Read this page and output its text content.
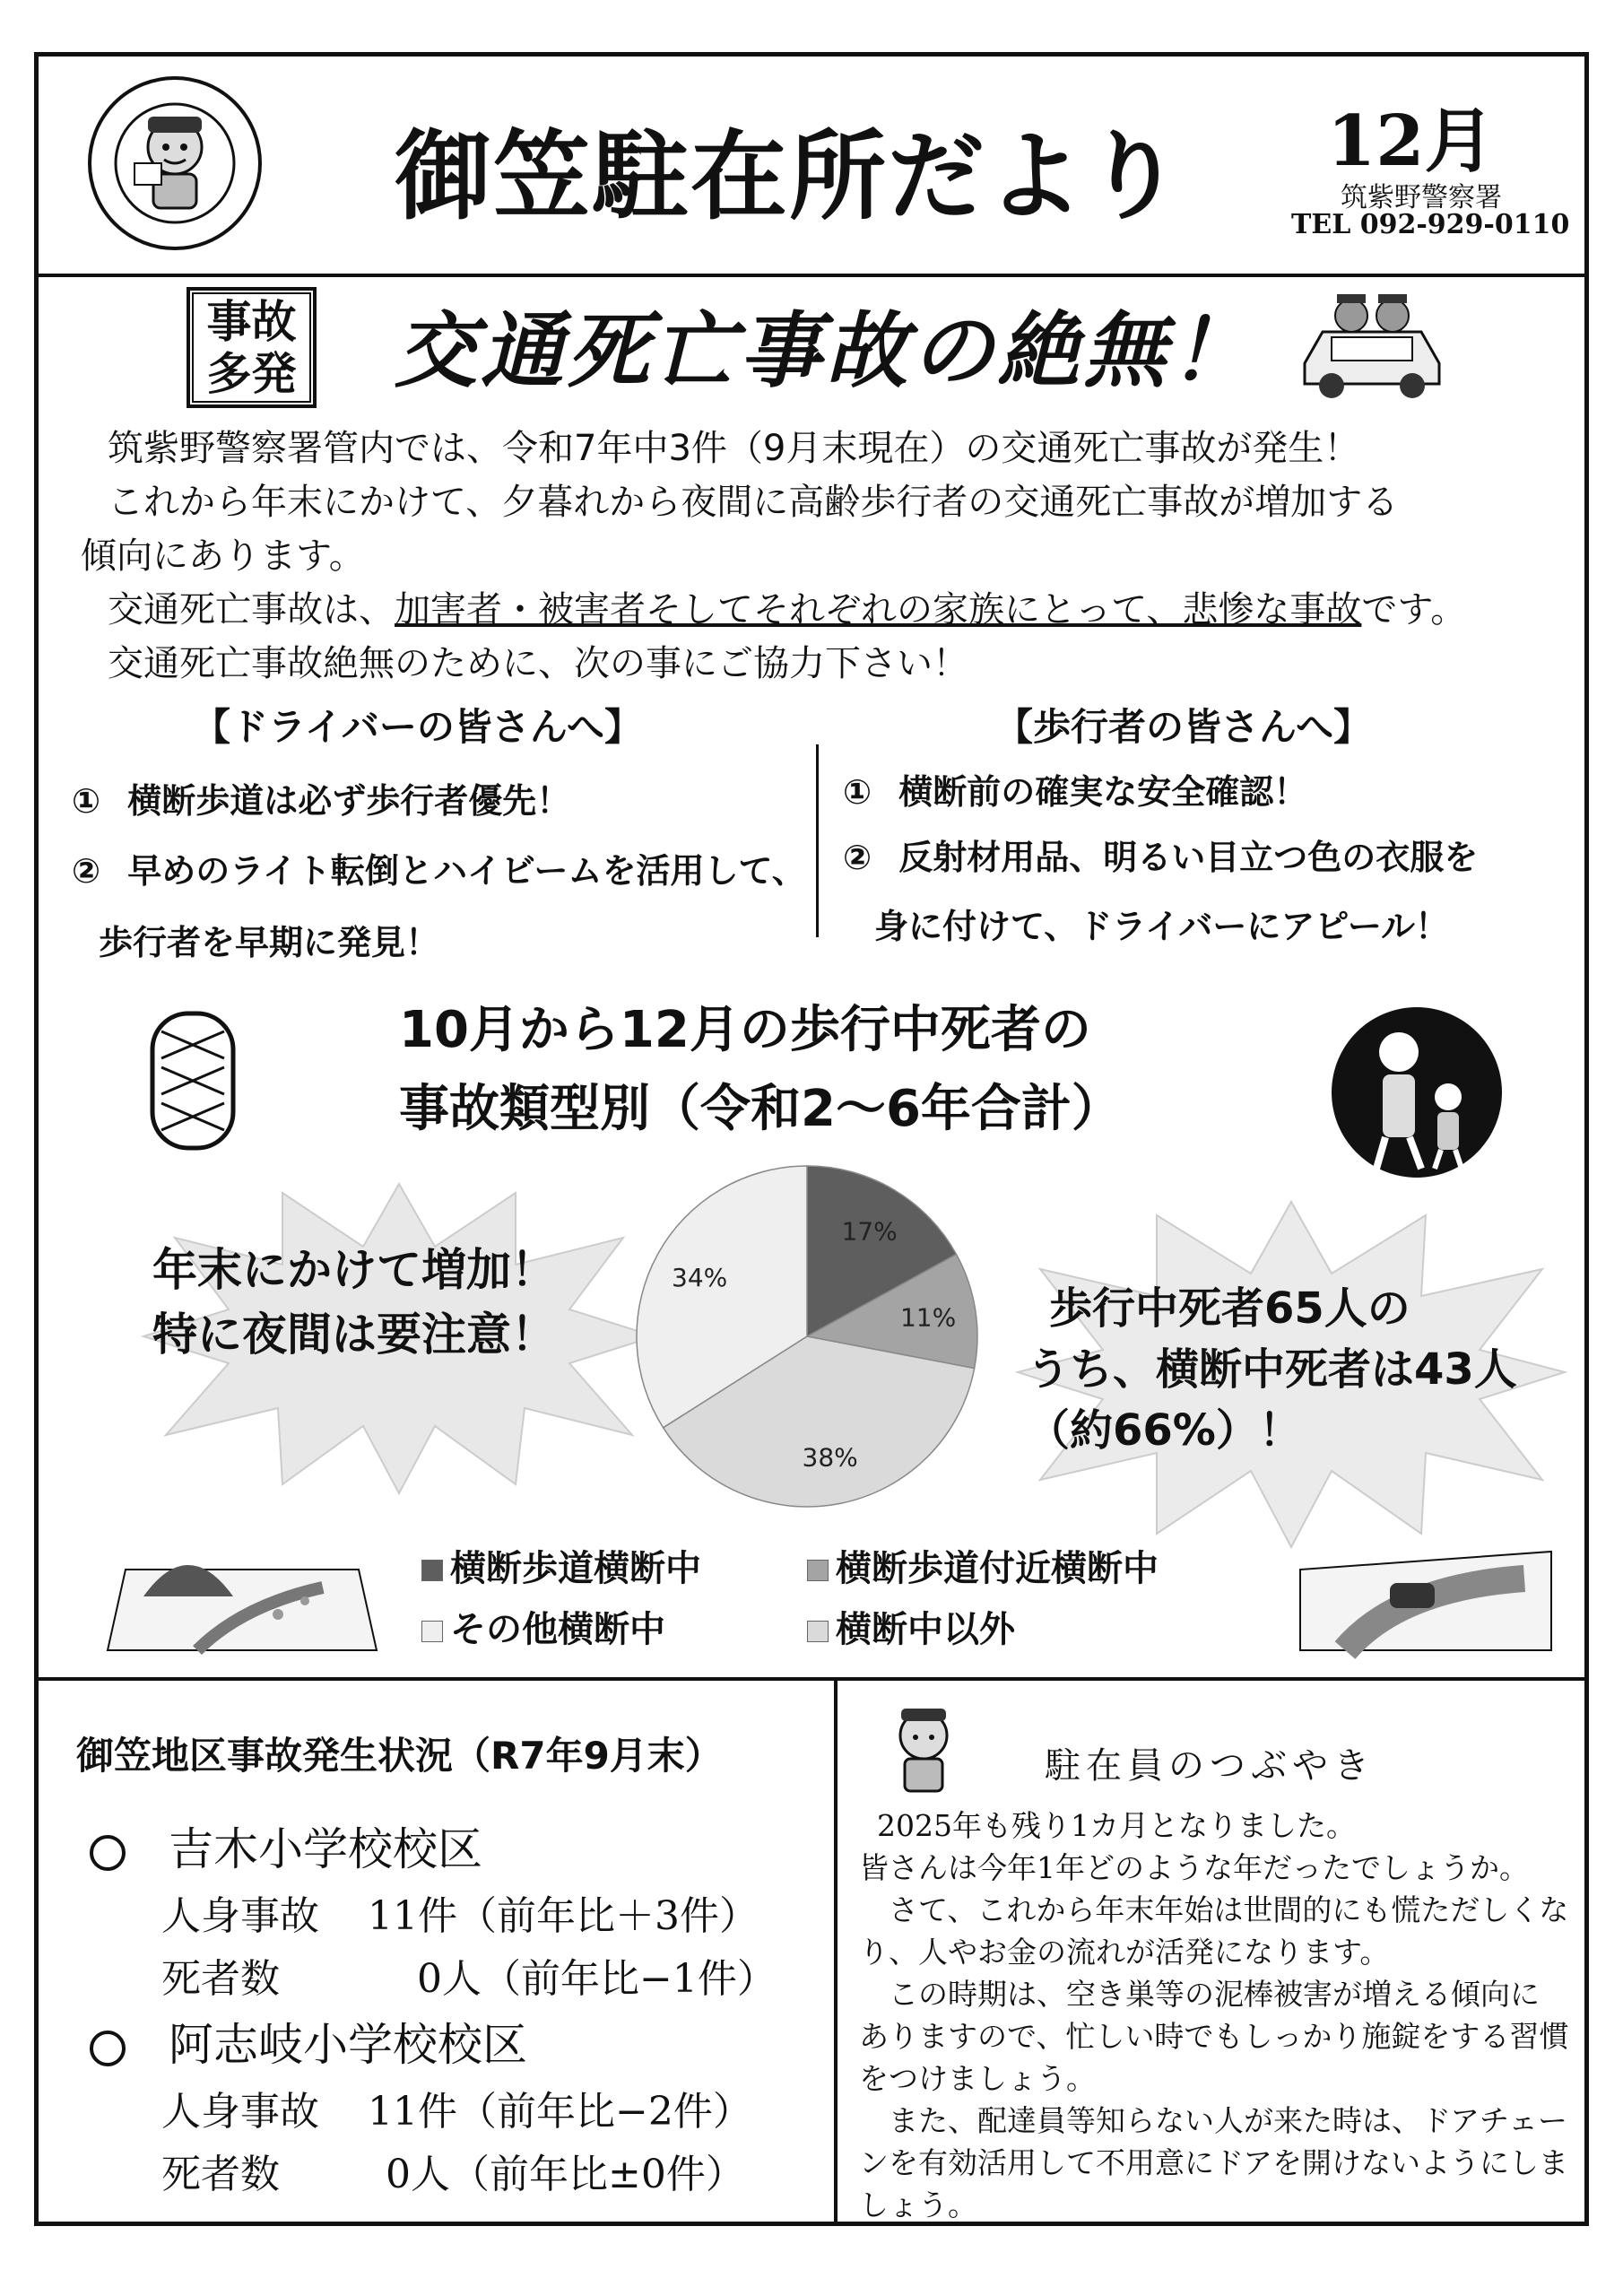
御笠駐在所だより 12月
筑紫野警察署
TEL 092-929-0110
事故
多発 交通死亡事故の絶無！

筑紫野警察署管内では、令和7年中3件（9月末現在）の交通死亡事故が発生！

これから年末にかけて、夕暮れから夜間に高齢歩行者の交通死亡事故が増加する

傾向にあります。

交通死亡事故は、加害者・被害者そしてそれぞれの家族にとって、悲惨な事故です。

交通死亡事故絶無のために、次の事にご協力下さい！

【ドライバーの皆さんへ】	【歩行者の皆さんへ】
① 横断歩道は必ず歩行者優先！
② 早めのライト転倒とハイビームを活用して、
歩行者を早期に発見！
① 横断前の確実な安全確認！
② 反射材用品、明るい目立つ色の衣服を
身に付けて、ドライバーにアピール！
10月から12月の歩行中死者の
事故類型別（令和2～6年合計）
年末にかけて増加！
特に夜間は要注意！	歩行中死者65人の
うち、横断中死者は43人
（約66%）！
17%
11%
38%
34%
横断歩道横断中	横断歩道付近横断中
その他横断中	横断中以外
御笠地区事故発生状況（R7年9月末）
吉木小学校校区
人身事故 11件（前年比＋3件）
死者数	0人（前年比−1件）
阿志岐小学校校区
人身事故 11件（前年比−2件）
死者数	0人（前年比±0件）
駐在員のつぶやき

2025年も残り1カ月となりました。

皆さんは今年1年どのような年だったでしょうか。

　さて、これから年末年始は世間的にも慌ただしくな

り、人やお金の流れが活発になります。

　この時期は、空き巣等の泥棒被害が増える傾向に

ありますので、忙しい時でもしっかり施錠をする習慣

をつけましょう。

　また、配達員等知らない人が来た時は、ドアチェー

ンを有効活用して不用意にドアを開けないようにしま

しょう。
